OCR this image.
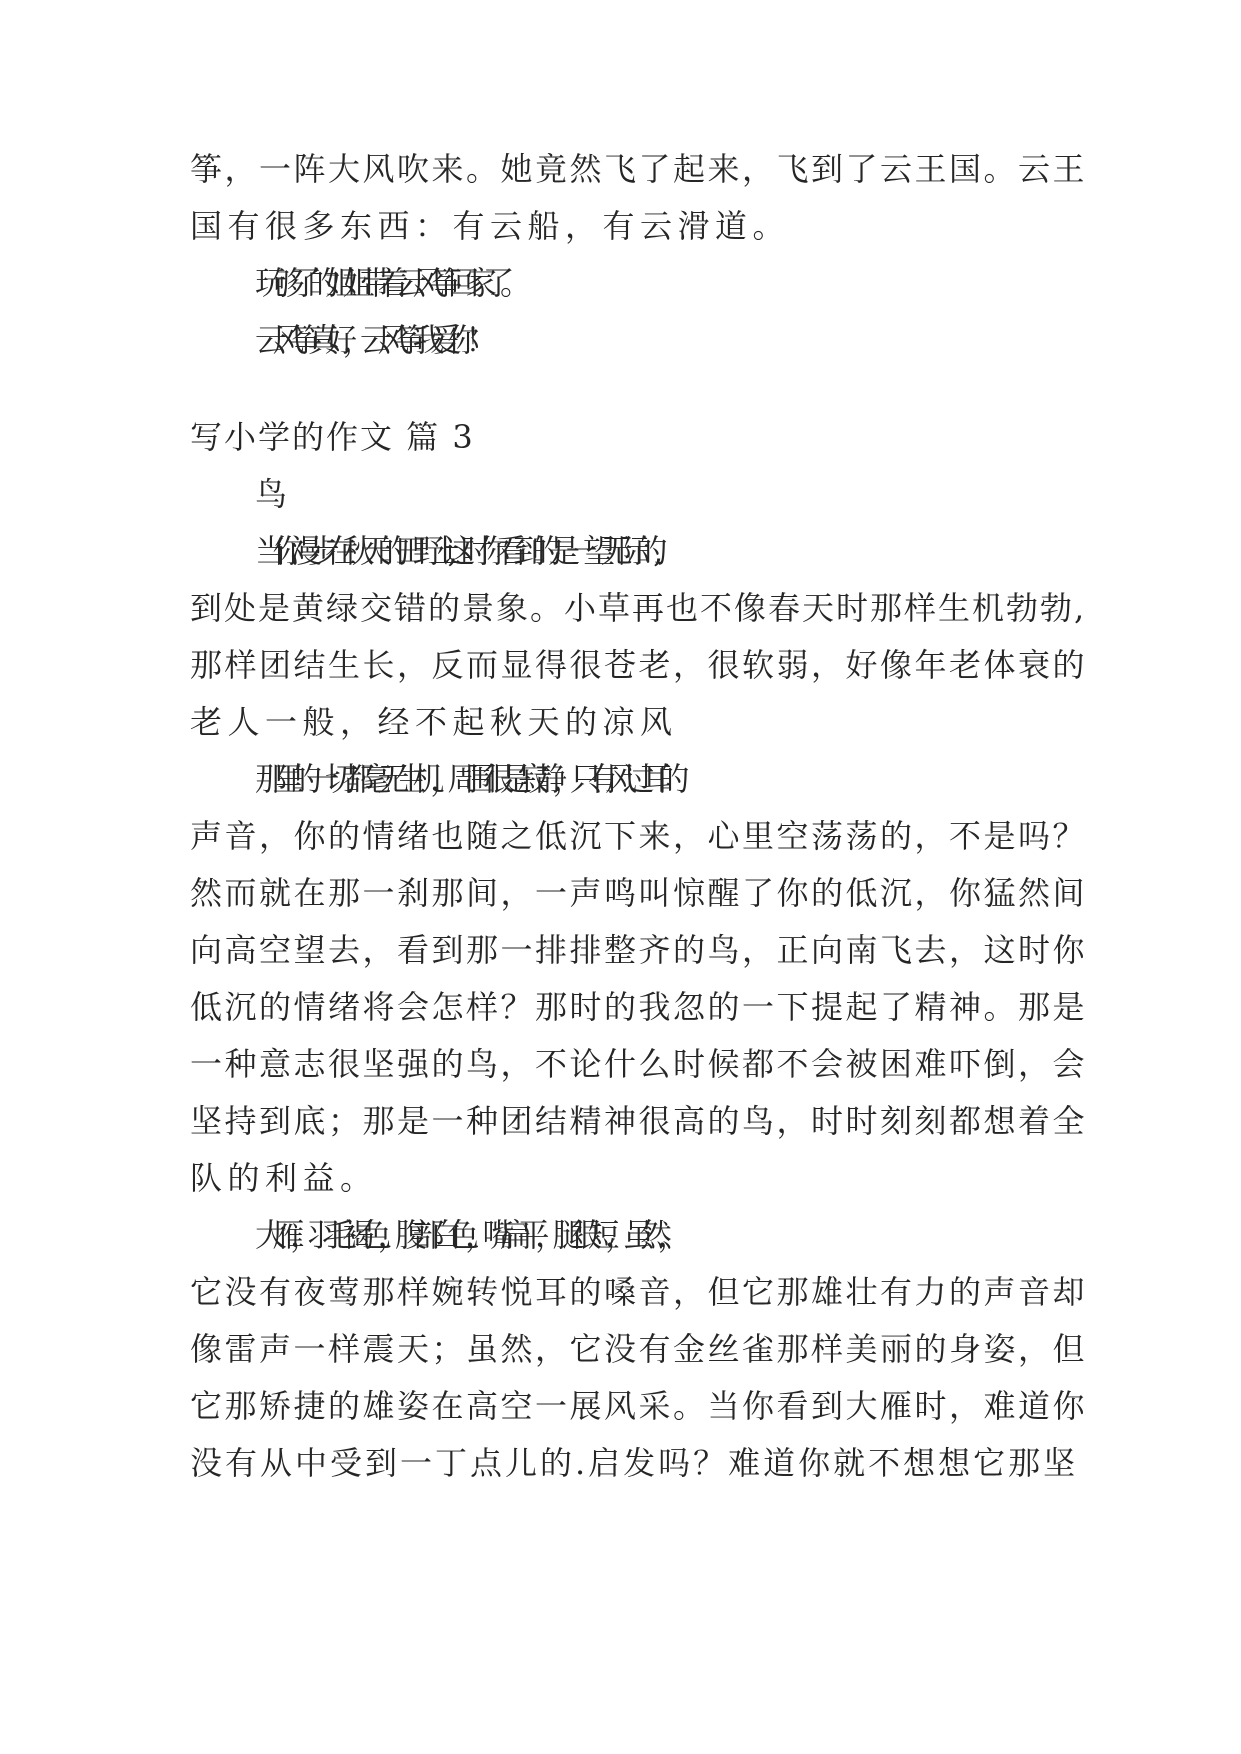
筝，一阵大风吹来。她竟然飞了起来，飞到了云王国。云王
国有很多东西：有云船，有云滑道。
玩够了的姐姐带着云风筝回家了。
云风筝真好，云风筝我爱你！
写小学的作文 篇 3
鸟
当你漫步在秋天的田野上,这时你看到的是一望无际的,
到处是黄绿交错的景象。小草再也不像春天时那样生机勃勃,
那样团结生长，反而显得很苍老，很软弱，好像年老体衰的
老人一般，经不起秋天的凉风
那里的一切都毫无生机，周围很是寂静，只有风过耳的
声音，你的情绪也随之低沉下来，心里空荡荡的，不是吗？
然而就在那一刹那间，一声鸣叫惊醒了你的低沉，你猛然间
向高空望去，看到那一排排整齐的鸟，正向南飞去，这时你
低沉的情绪将会怎样？那时的我忽的一下提起了精神。那是
一种意志很坚强的鸟，不论什么时候都不会被困难吓倒，会
坚持到底；那是一种团结精神很高的鸟，时时刻刻都想着全
队的利益。
大雁，羽毛褐色，腹部白色，嘴扁平，腿很短，虽然，
它没有夜莺那样婉转悦耳的嗓音，但它那雄壮有力的声音却
像雷声一样震天；虽然，它没有金丝雀那样美丽的身姿，但
它那矫捷的雄姿在高空一展风采。当你看到大雁时，难道你
没有从中受到一丁点儿的.启发吗？难道你就不想想它那坚
